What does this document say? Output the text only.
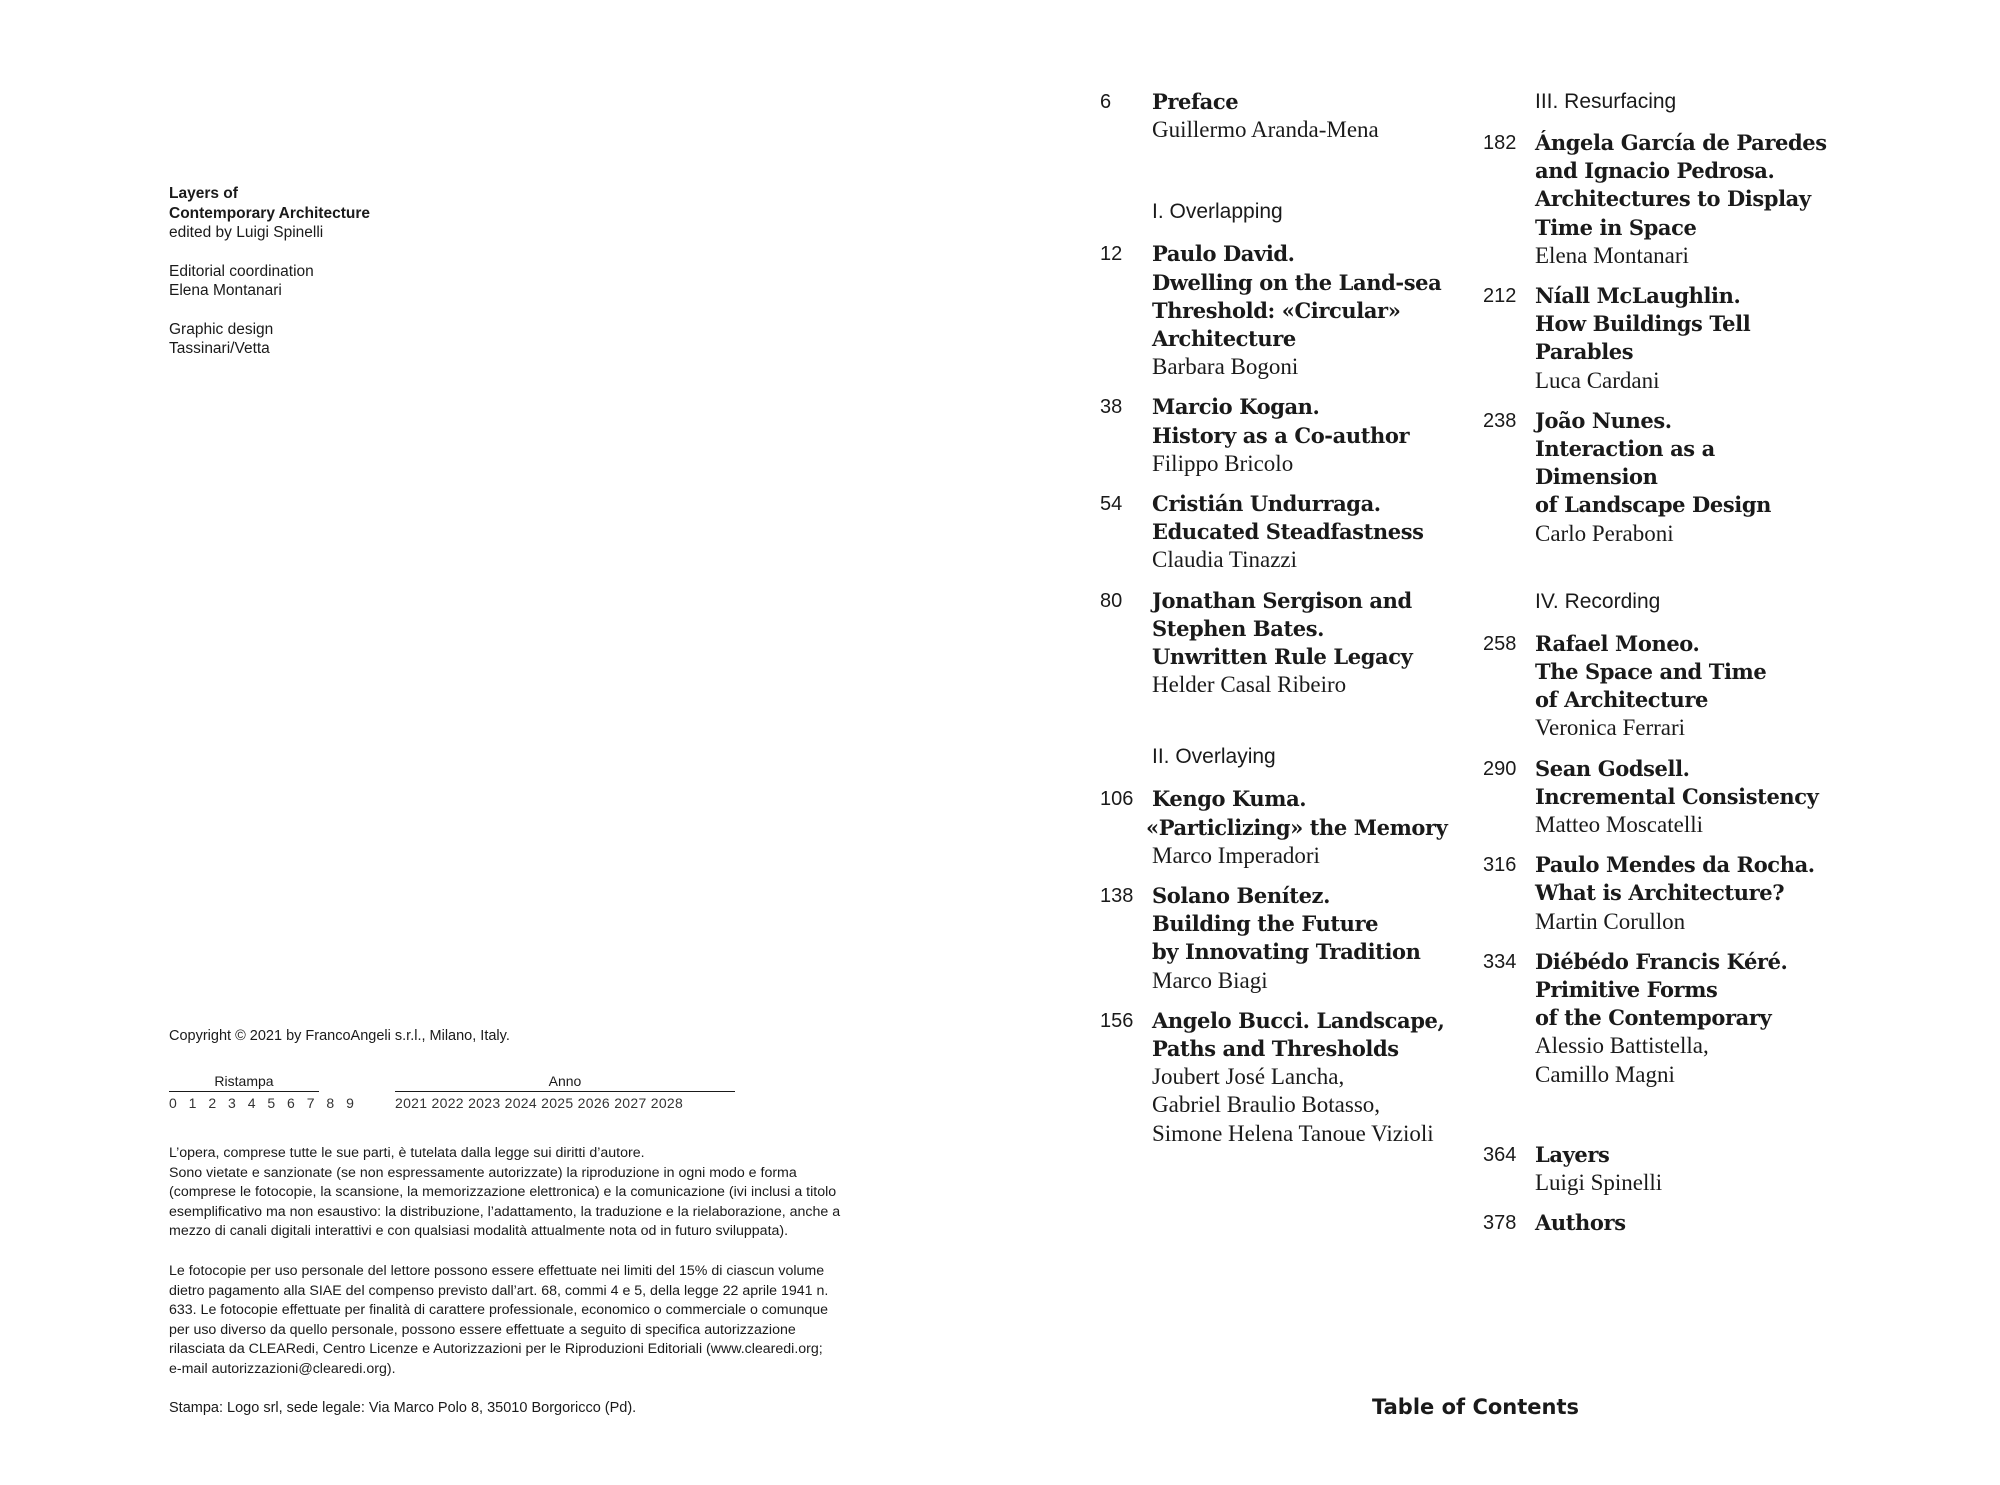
Layers of
Contemporary Architecture
edited by Luigi Spinelli
Editorial coordination
Elena Montanari
Graphic design
Tassinari/Vetta
Copyright © 2021 by FrancoAngeli s.r.l., Milano, Italy.
Ristampa
0 1 2 3 4 5 6 7 8 9
Anno
2021 2022 2023 2024 2025 2026 2027 2028
L’opera, comprese tutte le sue parti, è tutelata dalla legge sui diritti d’autore.
Sono vietate e sanzionate (se non espressamente autorizzate) la riproduzione in ogni modo e forma
(comprese le fotocopie, la scansione, la memorizzazione elettronica) e la comunicazione (ivi inclusi a titolo
esemplificativo ma non esaustivo: la distribuzione, l’adattamento, la traduzione e la rielaborazione, anche a
mezzo di canali digitali interattivi e con qualsiasi modalità attualmente nota od in futuro sviluppata).
Le fotocopie per uso personale del lettore possono essere effettuate nei limiti del 15% di ciascun volume
dietro pagamento alla SIAE del compenso previsto dall’art. 68, commi 4 e 5, della legge 22 aprile 1941 n.
633. Le fotocopie effettuate per finalità di carattere professionale, economico o commerciale o comunque
per uso diverso da quello personale, possono essere effettuate a seguito di specifica autorizzazione
rilasciata da CLEARedi, Centro Licenze e Autorizzazioni per le Riproduzioni Editoriali (www.clearedi.org;
e-mail autorizzazioni@clearedi.org).
Stampa: Logo srl, sede legale: Via Marco Polo 8, 35010 Borgoricco (Pd).
6 Preface
Guillermo Aranda-Mena
I. Overlapping
12 Paulo David.
Dwelling on the Land-sea
Threshold: «Circular»
Architecture
Barbara Bogoni
38 Marcio Kogan.
History as a Co-author
Filippo Bricolo
54 Cristián Undurraga.
Educated Steadfastness
Claudia Tinazzi
80 Jonathan Sergison and
Stephen Bates.
Unwritten Rule Legacy
Helder Casal Ribeiro
II. Overlaying
106 Kengo Kuma.
«Particlizing» the Memory
Marco Imperadori
138 Solano Benítez.
Building the Future
by Innovating Tradition
Marco Biagi
156 Angelo Bucci. Landscape,
Paths and Thresholds
Joubert José Lancha,
Gabriel Braulio Botasso,
Simone Helena Tanoue Vizioli
III. Resurfacing
182 Ángela García de Paredes
and Ignacio Pedrosa.
Architectures to Display
Time in Space
Elena Montanari
212 Níall McLaughlin.
How Buildings Tell
Parables
Luca Cardani
238 João Nunes.
Interaction as a
Dimension
of Landscape Design
Carlo Peraboni
IV. Recording
258 Rafael Moneo.
The Space and Time
of Architecture
Veronica Ferrari
290 Sean Godsell.
Incremental Consistency
Matteo Moscatelli
316 Paulo Mendes da Rocha.
What is Architecture?
Martin Corullon
334 Diébédo Francis Kéré.
Primitive Forms
of the Contemporary
Alessio Battistella,
Camillo Magni
364 Layers
Luigi Spinelli
378 Authors
Table of Contents
